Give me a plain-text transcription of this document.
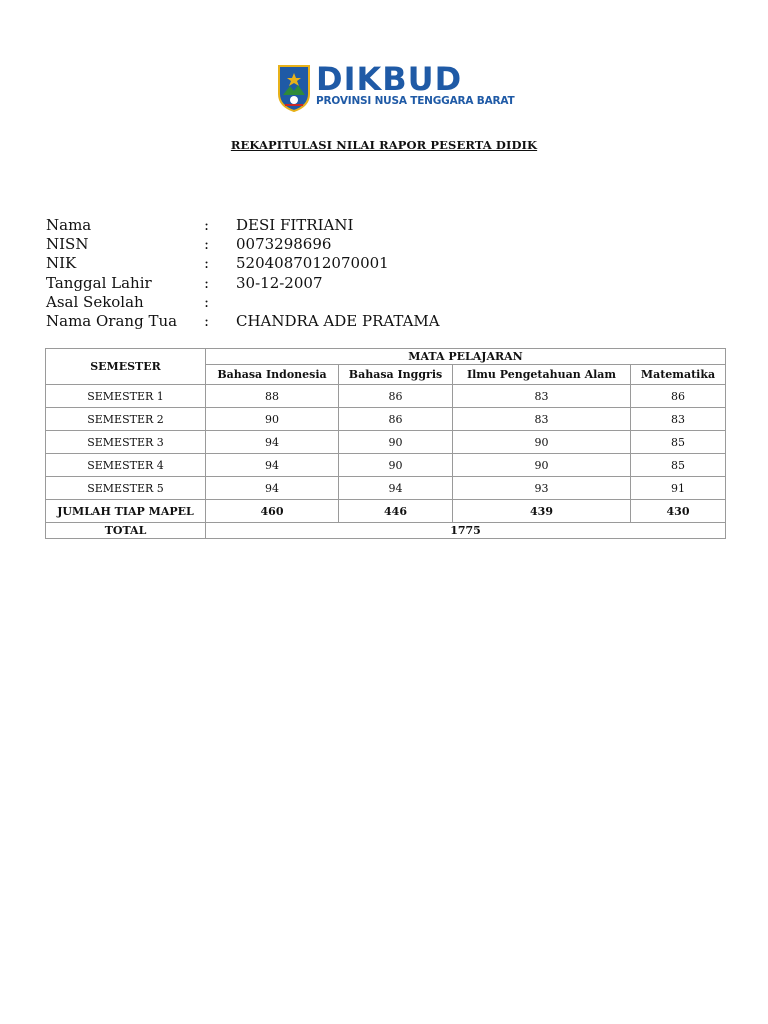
DIKBUD
PROVINSI NUSA TENGGARA BARAT
REKAPITULASI NILAI RAPOR PESERTA DIDIK
Nama	: DESI FITRIANI
NISN	: 0073298696
NIK	: 5204087012070001
Tanggal Lahir	: 30-12-2007
Asal Sekolah	:
Nama Orang Tua : CHANDRA ADE PRATAMA
SEMESTER	MATA PELAJARAN			
	Bahasa Indonesia	Bahasa Inggris	Ilmu Pengetahuan Alam	Matematika
SEMESTER 1	88	86	83	86
SEMESTER 2	90	86	83	83
SEMESTER 3	94	90	90	85
SEMESTER 4	94	90	90	85
SEMESTER 5	94	94	93	91
JUMLAH TIAP MAPEL	460	446	439	430
TOTAL	1775			
